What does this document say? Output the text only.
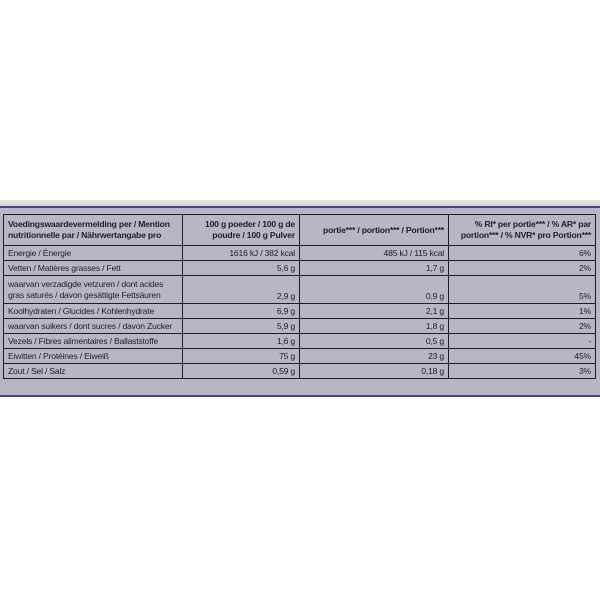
Voedingswaardevermelding per / Mention nutritionnelle par / Nährwertangabe pro	100 g poeder / 100 g de poudre / 100 g Pulver	portie*** / portion*** / Portion***	% RI* per portie*** / % AR* par portion*** / % NVR* pro Portion***
Energie / Énergie	1616 kJ / 382 kcal	485 kJ / 115 kcal	6%
Vetten / Matières grasses / Fett	5,6 g	1,7 g	2%
waarvan verzadigde vetzuren / dont acides gras saturés / davon gesättigte Fettsäuren	2,9 g	0,9 g	5%
Koolhydraten / Glucides / Kohlenhydrate	6,9 g	2,1 g	1%
waarvan suikers / dont sucres / davon Zucker	5,9 g	1,8 g	2%
Vezels / Fibres alimentaires / Ballaststoffe	1,6 g	0,5 g	-
Eiwitten / Protéines / Eiweiß	75 g	23 g	45%
Zout / Sel / Salz	0,59 g	0,18 g	3%
